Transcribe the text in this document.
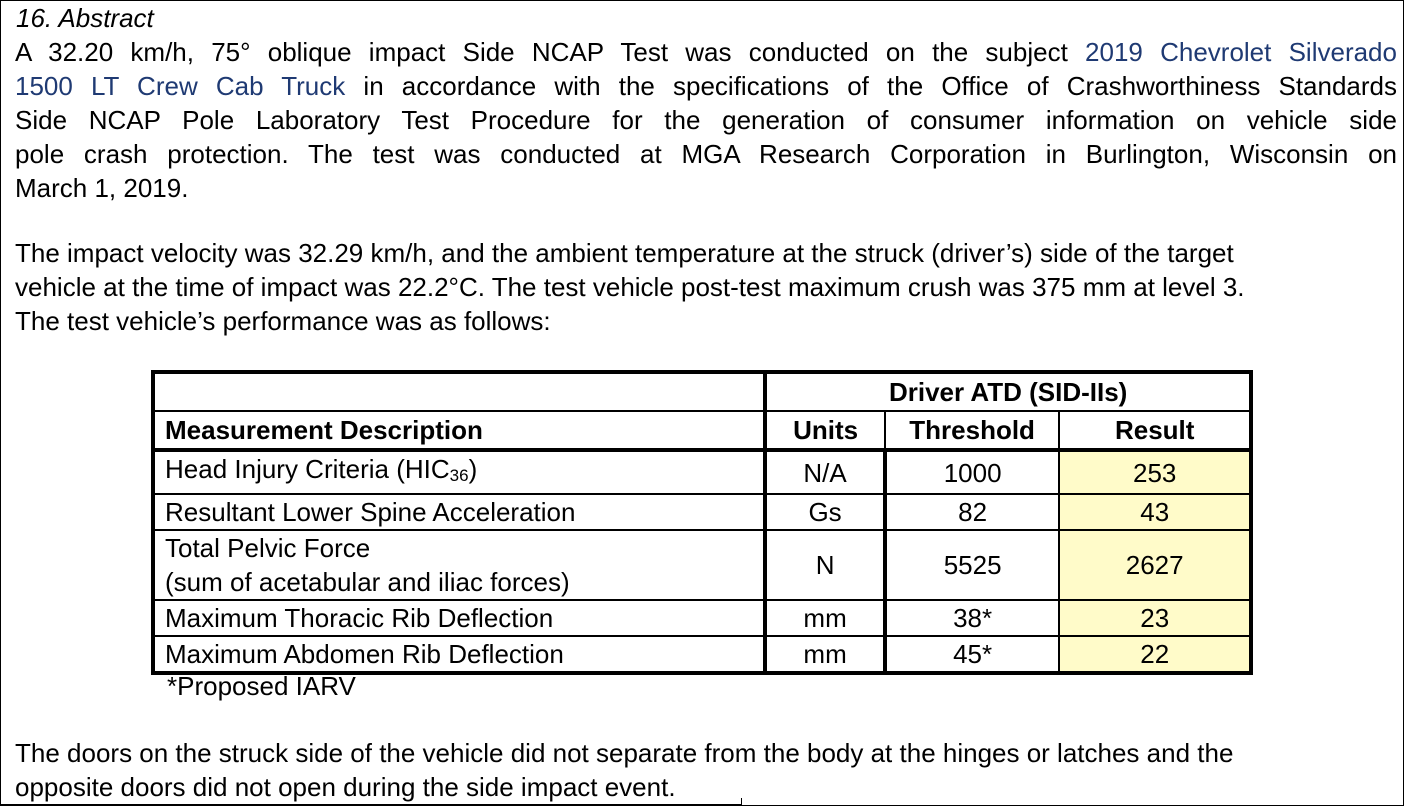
16. Abstract
A 32.20 km/h, 75° oblique impact Side NCAP Test was conducted on the subject 2019 Chevrolet Silverado
1500 LT Crew Cab Truck in accordance with the specifications of the Office of Crashworthiness Standards
Side NCAP Pole Laboratory Test Procedure for the generation of consumer information on vehicle side
pole crash protection. The test was conducted at MGA Research Corporation in Burlington, Wisconsin on
March 1, 2019.
The impact velocity was 32.29 km/h, and the ambient temperature at the struck (driver’s) side of the target
vehicle at the time of impact was 22.2°C. The test vehicle post-test maximum crush was 375 mm at level 3.
The test vehicle’s performance was as follows:
	Driver ATD (SID-IIs)		
Measurement Description	Units	Threshold	Result
Head Injury Criteria (HIC36)	N/A	1000	253
Resultant Lower Spine Acceleration	Gs	82	43

Total Pelvic Force
(sum of acetabular and iliac forces)	N	5525	2627
Maximum Thoracic Rib Deflection	mm	38*	23
Maximum Abdomen Rib Deflection	mm	45*	22
*Proposed IARV
The doors on the struck side of the vehicle did not separate from the body at the hinges or latches and the
opposite doors did not open during the side impact event.
